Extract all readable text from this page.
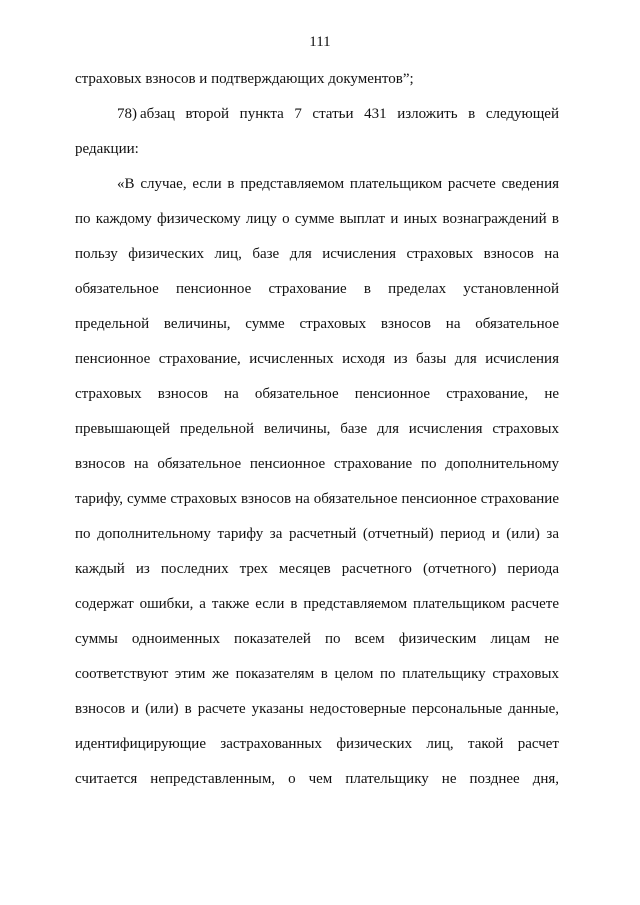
111
страховых взносов и подтверждающих документов”;
78) абзац второй пункта 7 статьи 431 изложить в следующей
редакции:
«В случае, если в представляемом плательщиком расчете сведения
по каждому физическому лицу о сумме выплат и иных вознаграждений в
пользу физических лиц, базе для исчисления страховых взносов на
обязательное пенсионное страхование в пределах установленной
предельной величины, сумме страховых взносов на обязательное
пенсионное страхование, исчисленных исходя из базы для исчисления
страховых взносов на обязательное пенсионное страхование, не
превышающей предельной величины, базе для исчисления страховых
взносов на обязательное пенсионное страхование по дополнительному
тарифу, сумме страховых взносов на обязательное пенсионное страхование
по дополнительному тарифу за расчетный (отчетный) период и (или) за
каждый из последних трех месяцев расчетного (отчетного) периода
содержат ошибки, а также если в представляемом плательщиком расчете
суммы одноименных показателей по всем физическим лицам не
соответствуют этим же показателям в целом по плательщику страховых
взносов и (или) в расчете указаны недостоверные персональные данные,
идентифицирующие застрахованных физических лиц, такой расчет
считается непредставленным, о чем плательщику не позднее дня,
